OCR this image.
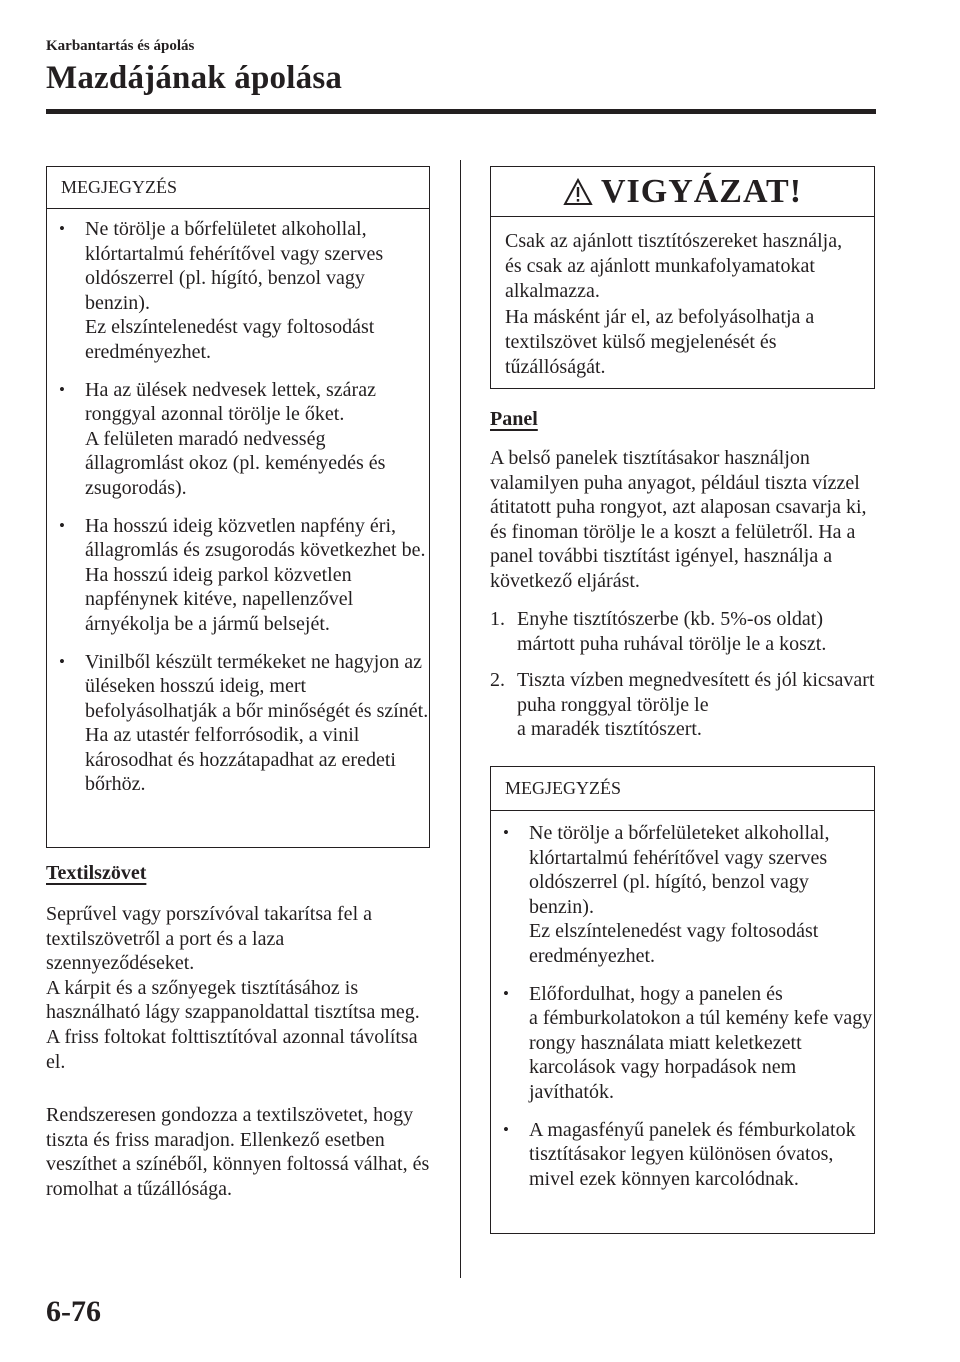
Karbantartás és ápolás
Mazdájának ápolása
MEGJEGYZÉS
• Ne törölje a bőrfelületet alkohollal, klórtartalmú fehérítővel vagy szerves oldószerrel (pl. hígító, benzol vagy benzin).
Ez elszíntelenedést vagy foltosodást eredményezhet.
• Ha az ülések nedvesek lettek, száraz ronggyal azonnal törölje le őket.
A felületen maradó nedvesség állagromlást okoz (pl. keményedés és zsugorodás).
• Ha hosszú ideig közvetlen napfény éri, állagromlás és zsugorodás következhet be. Ha hosszú ideig parkol közvetlen napfénynek kitéve, napellenzővel árnyékolja be a jármű belsejét.
• Vinilből készült termékeket ne hagyjon az üléseken hosszú ideig, mert befolyásolhatják a bőr minőségét és színét. Ha az utastér felforrósodik, a vinil károsodhat és hozzátapadhat az eredeti bőrhöz.
Textilszövet
Seprűvel vagy porszívóval takarítsa fel a textilszövetről a port és a laza szennyeződéseket.
A kárpit és a szőnyegek tisztításához is használható lágy szappanoldattal tisztítsa meg. A friss foltokat folttisztítóval azonnal távolítsa el.
Rendszeresen gondozza a textilszövetet, hogy tiszta és friss maradjon. Ellenkező esetben veszíthet a színéből, könnyen foltossá válhat, és romolhat a tűzállósága.
VIGYÁZAT!
Csak az ajánlott tisztítószereket használja, és csak az ajánlott munkafolyamatokat alkalmazza.
Ha másként jár el, az befolyásolhatja a textilszövet külső megjelenését és tűzállóságát.
Panel
A belső panelek tisztításakor használjon valamilyen puha anyagot, például tiszta vízzel átitatott puha rongyot, azt alaposan csavarja ki, és finoman törölje le a koszt a felületről. Ha a panel további tisztítást igényel, használja a következő eljárást.
1. Enyhe tisztítószerbe (kb. 5%-os oldat) mártott puha ruhával törölje le a koszt.
2. Tiszta vízben megnedvesített és jól kicsavart puha ronggyal törölje le
a maradék tisztítószert.
MEGJEGYZÉS
• Ne törölje a bőrfelületeket alkohollal, klórtartalmú fehérítővel vagy szerves oldószerrel (pl. hígító, benzol vagy benzin).
Ez elszíntelenedést vagy foltosodást eredményezhet.
• Előfordulhat, hogy a panelen és
a fémburkolatokon a túl kemény kefe vagy rongy használata miatt keletkezett karcolások vagy horpadások nem javíthatók.
• A magasfényű panelek és fémburkolatok tisztításakor legyen különösen óvatos, mivel ezek könnyen karcolódnak.
6-76
